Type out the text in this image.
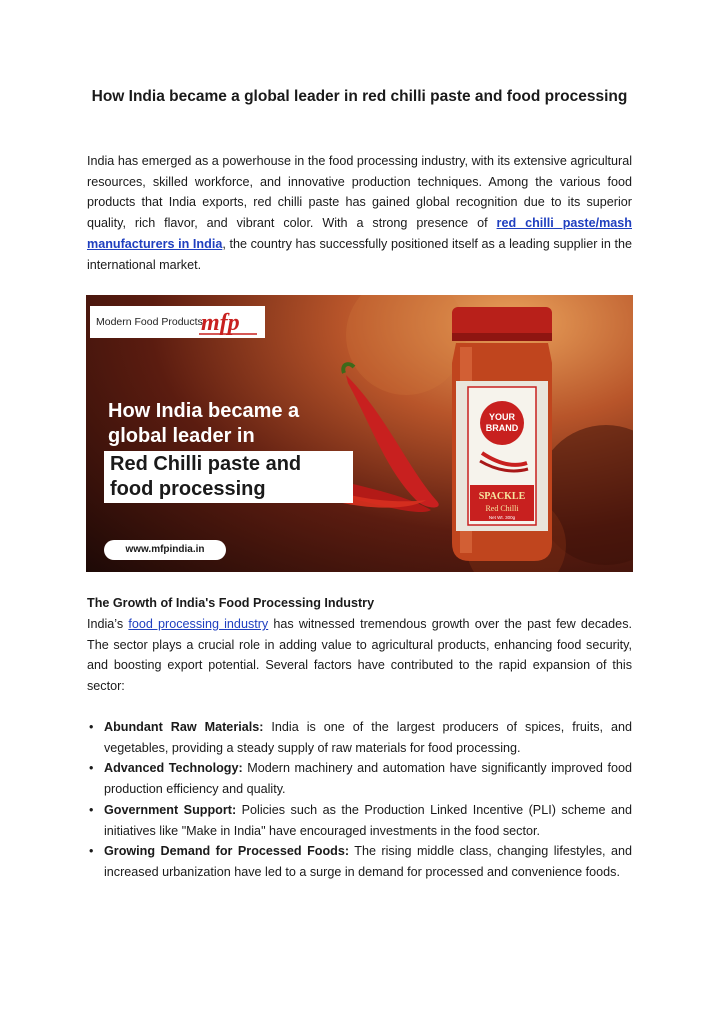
How India became a global leader in red chilli paste and food processing

India has emerged as a powerhouse in the food processing industry, with its extensive agricultural resources, skilled workforce, and innovative production techniques. Among the various food products that India exports, red chilli paste has gained global recognition due to its superior quality, rich flavor, and vibrant color. With a strong presence of red chilli paste/mash manufacturers in India, the country has successfully positioned itself as a leading supplier in the international market.

Modern Food Products
mfp
How India became a
global leader in
Red Chilli paste and
food processing
www.mfpindia.in
YOUR
BRAND
SPACKLE
Red Chilli
Net Wt. 300g
The Growth of India's Food Processing Industry

India’s food processing industry has witnessed tremendous growth over the past few decades. The sector plays a crucial role in adding value to agricultural products, enhancing food security, and boosting export potential. Several factors have contributed to the rapid expansion of this sector:

• Abundant Raw Materials: India is one of the largest producers of spices, fruits, and vegetables, providing a steady supply of raw materials for food processing.
• Advanced Technology: Modern machinery and automation have significantly improved food production efficiency and quality.
• Government Support: Policies such as the Production Linked Incentive (PLI) scheme and initiatives like "Make in India" have encouraged investments in the food sector.
• Growing Demand for Processed Foods: The rising middle class, changing lifestyles, and increased urbanization have led to a surge in demand for processed and convenience foods.
